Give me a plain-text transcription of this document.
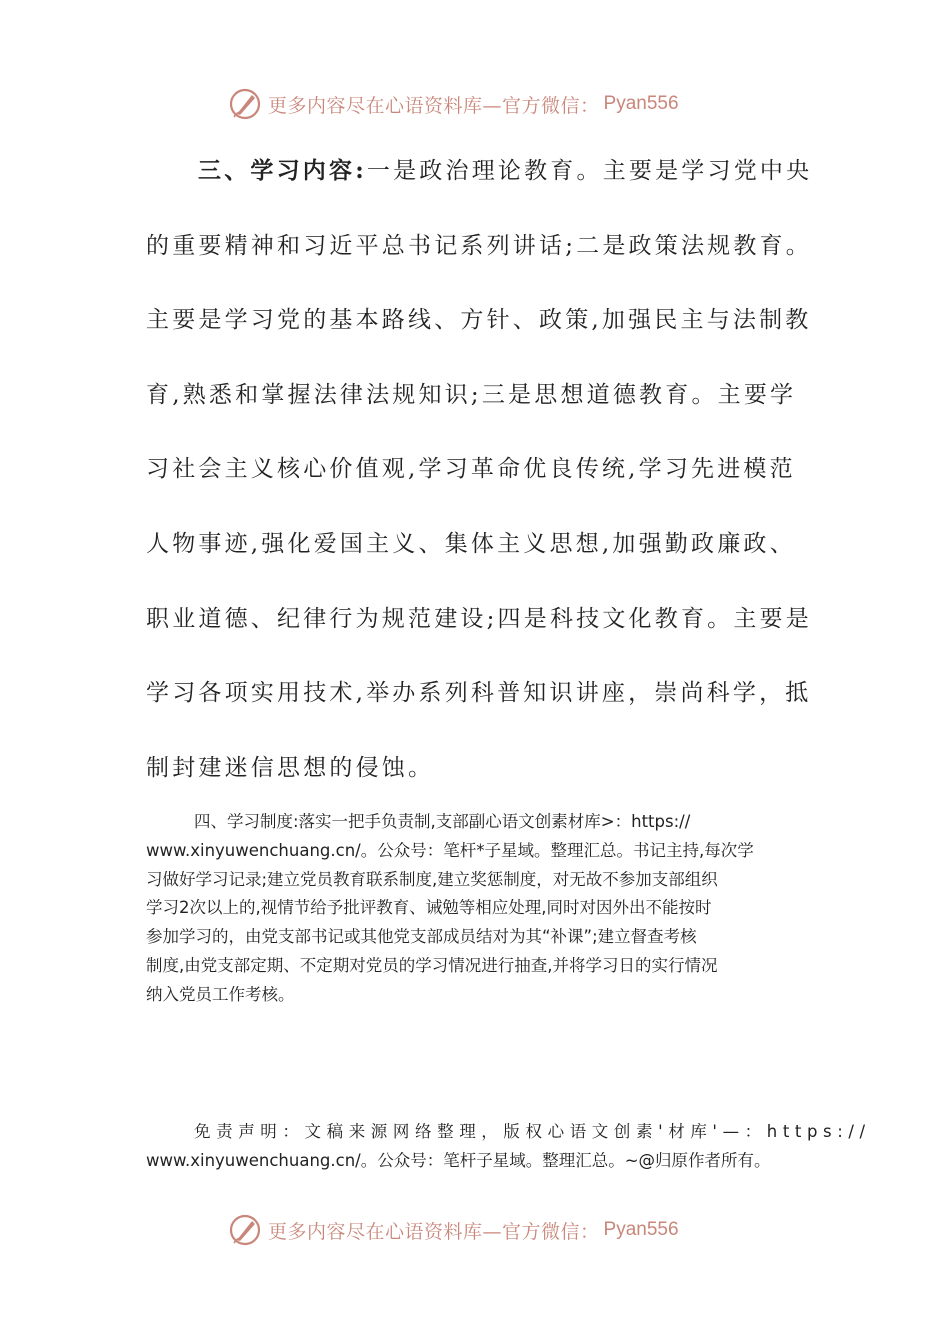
更多内容尽在心语资料库—官方微信： Pyan556
三、学习内容:一是政治理论教育。主要是学习党中央
的重要精神和习近平总书记系列讲话;二是政策法规教育。
主要是学习党的基本路线、方针、政策,加强民主与法制教
育,熟悉和掌握法律法规知识;三是思想道德教育。主要学
习社会主义核心价值观,学习革命优良传统,学习先进模范
人物事迹,强化爱国主义、集体主义思想,加强勤政廉政、
职业道德、纪律行为规范建设;四是科技文化教育。主要是
学习各项实用技术,举办系列科普知识讲座，崇尚科学，抵
制封建迷信思想的侵蚀。
四、学习制度:落实一把手负责制,支部副心语文创素材库>：https://
www.xinyuwenchuang.cn/。公众号：笔杆*子星域。整理汇总。书记主持,每次学
习做好学习记录;建立党员教育联系制度,建立奖惩制度，对无故不参加支部组织
学习2次以上的,视情节给予批评教育、诫勉等相应处理,同时对因外出不能按时
参加学习的，由党支部书记或其他党支部成员结对为其“补课”;建立督查考核
制度,由党支部定期、不定期对党员的学习情况进行抽查,并将学习日的实行情况
纳入党员工作考核。
免责声明：文稿来源网络整理，版权心语文创素'材库'—：https://
www.xinyuwenchuang.cn/。公众号：笔杆子星域。整理汇总。~@归原作者所有。
更多内容尽在心语资料库—官方微信： Pyan556
